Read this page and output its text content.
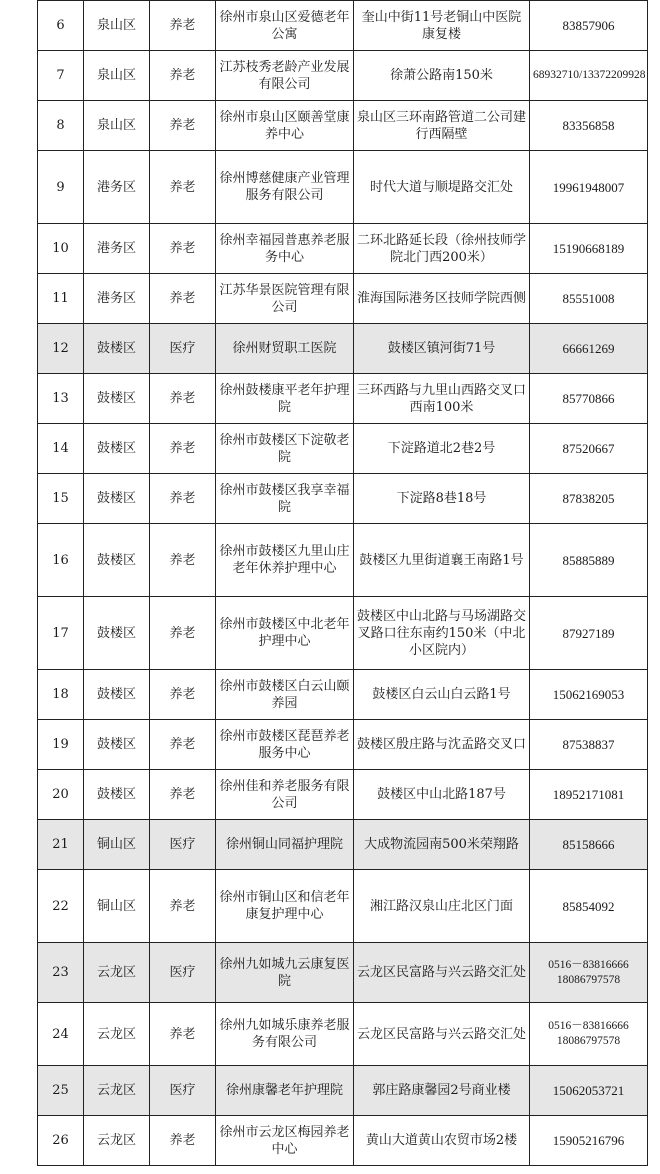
6	泉山区	养老	徐州市泉山区爱德老年公寓	奎山中街11号老铜山中医院康复楼	83857906
7	泉山区	养老	江苏枝秀老龄产业发展有限公司	徐萧公路南150米	68932710/13372209928
8	泉山区	养老	徐州市泉山区颐善堂康养中心	泉山区三环南路管道二公司建行西隔壁	83356858
9	港务区	养老	徐州博慈健康产业管理服务有限公司	时代大道与顺堤路交汇处	19961948007
10	港务区	养老	徐州幸福园普惠养老服务中心	二环北路延长段（徐州技师学院北门西200米）	15190668189
11	港务区	养老	江苏华景医院管理有限公司	淮海国际港务区技师学院西侧	85551008
12	鼓楼区	医疗	徐州财贸职工医院	鼓楼区镇河街71号	66661269
13	鼓楼区	养老	徐州鼓楼康平老年护理院	三环西路与九里山西路交叉口西南100米	85770866
14	鼓楼区	养老	徐州市鼓楼区下淀敬老院	下淀路道北2巷2号	87520667
15	鼓楼区	养老	徐州市鼓楼区我享幸福院	下淀路8巷18号	87838205
16	鼓楼区	养老	徐州市鼓楼区九里山庄老年休养护理中心	鼓楼区九里街道襄王南路1号	85885889
17	鼓楼区	养老	徐州市鼓楼区中北老年护理中心	鼓楼区中山北路与马场湖路交叉路口往东南约150米（中北小区院内）	87927189
18	鼓楼区	养老	徐州市鼓楼区白云山颐养园	鼓楼区白云山白云路1号	15062169053
19	鼓楼区	养老	徐州市鼓楼区琵琶养老服务中心	鼓楼区殷庄路与沈孟路交叉口	87538837
20	鼓楼区	养老	徐州佳和养老服务有限公司	鼓楼区中山北路187号	18952171081
21	铜山区	医疗	徐州铜山同福护理院	大成物流园南500米荣翔路	85158666
22	铜山区	养老	徐州市铜山区和信老年康复护理中心	湘江路汉泉山庄北区门面	85854092
23	云龙区	医疗	徐州九如城九云康复医院	云龙区民富路与兴云路交汇处	0516－83816666 18086797578
24	云龙区	养老	徐州九如城乐康养老服务有限公司	云龙区民富路与兴云路交汇处	0516－83816666 18086797578
25	云龙区	医疗	徐州康馨老年护理院	郭庄路康馨园2号商业楼	15062053721
26	云龙区	养老	徐州市云龙区梅园养老中心	黄山大道黄山农贸市场2楼	15905216796
